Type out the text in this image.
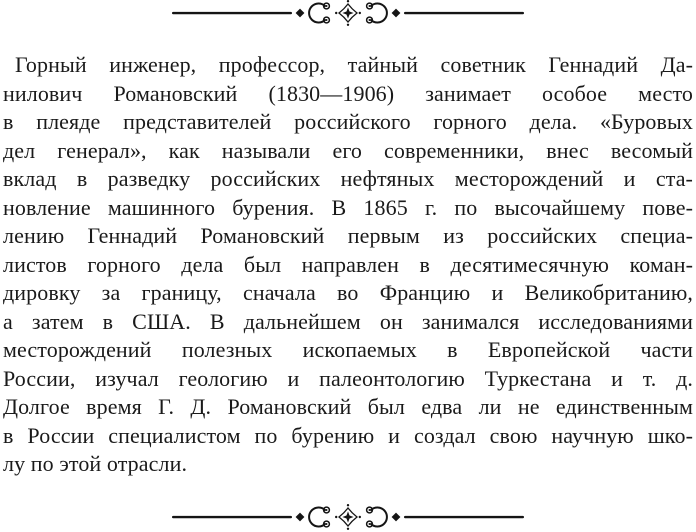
Горный инженер, профессор, тайный советник Геннадий Да-
нилович Романовский (1830—1906) занимает особое место
в плеяде представителей российского горного дела. «Буровых
дел генерал», как называли его современники, внес весомый
вклад в разведку российских нефтяных месторождений и ста-
новление машинного бурения. В 1865 г. по высочайшему пове-
лению Геннадий Романовский первым из российских специа-
листов горного дела был направлен в десятимесячную коман-
дировку за границу, сначала во Францию и Великобританию,
а затем в США. В дальнейшем он занимался исследованиями
месторождений полезных ископаемых в Европейской части
России, изучал геологию и палеонтологию Туркестана и т. д.
Долгое время Г. Д. Романовский был едва ли не единственным
в России специалистом по бурению и создал свою научную шко-
лу по этой отрасли.
